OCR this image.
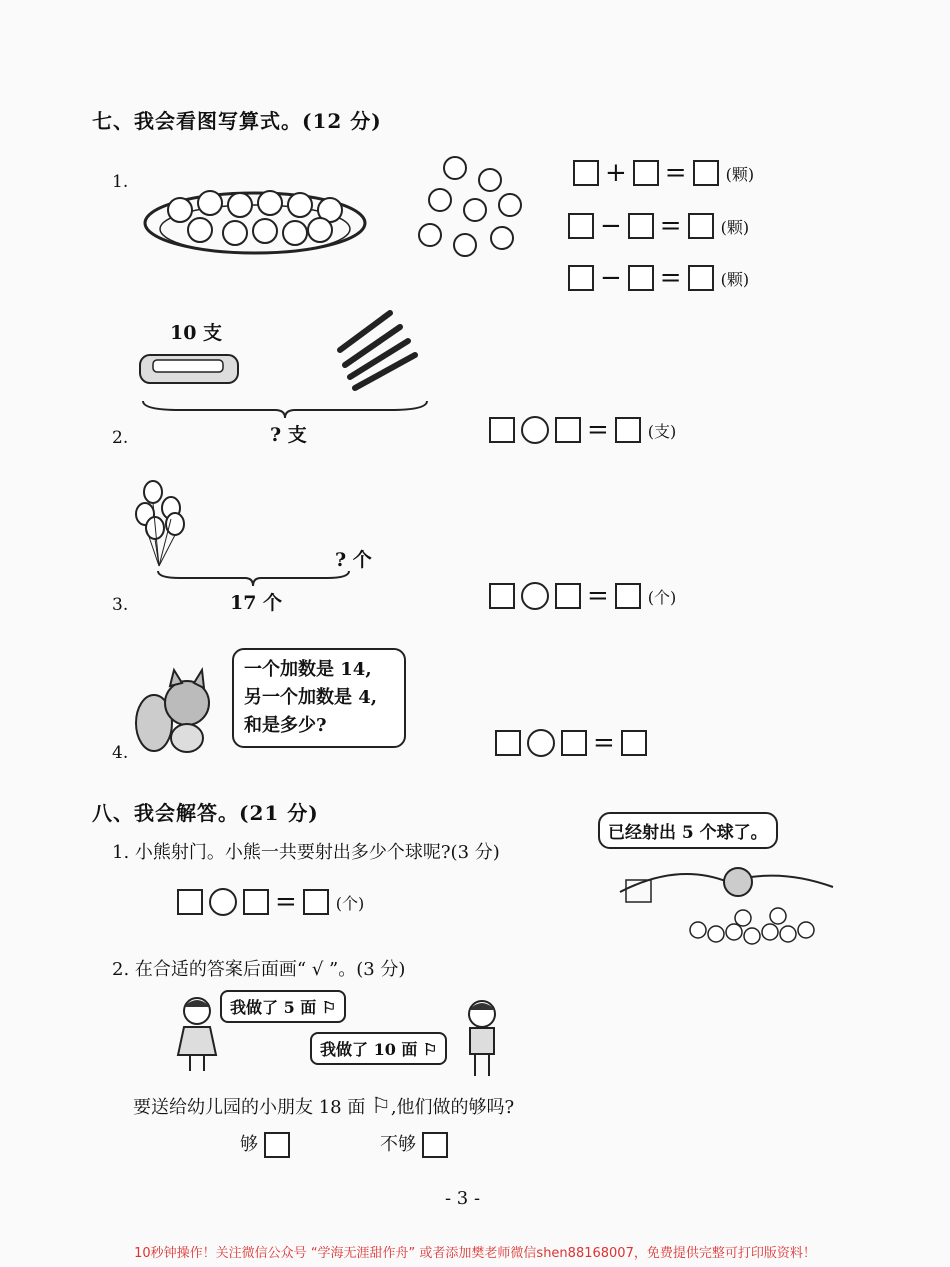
七、我会看图写算式。(12 分)
1.	+ = (颗)
− = (颗)
− = (颗)
10 支
2.	? 支	= (支)
? 个
17 个
3.	= (个)
一个加数是 14,
另一个加数是 4,
和是多少?
4.	=
八、我会解答。(21 分)
1. 小熊射门。小熊一共要射出多少个球呢?(3 分)
= (个)
已经射出 5 个球了。
2. 在合适的答案后面画“ √ ”。(3 分)
我做了 5 面 ⚐
我做了 10 面 ⚐
要送给幼儿园的小朋友 18 面 ⚐,他们做的够吗?
够	不够
- 3 -
10秒钟操作！关注微信公众号 “学海无涯甜作舟” 或者添加樊老师微信shen88168007，免费提供完整可打印版资料！
